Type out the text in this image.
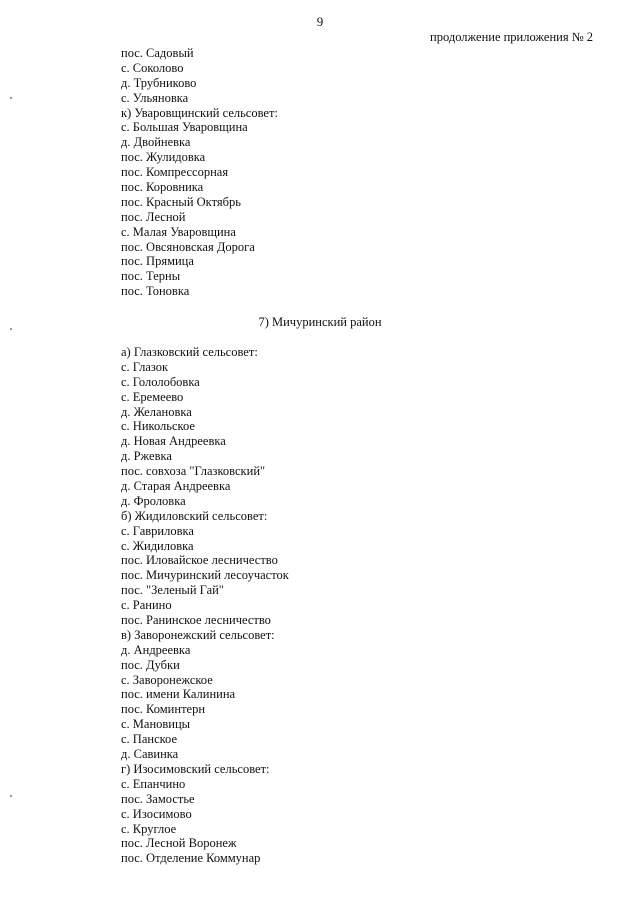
9
продолжение приложения № 2
пос. Садовый
с. Соколово
д. Трубниково
с. Ульяновка
к) Уваровщинский сельсовет:
с. Большая Уваровщина
д. Двойневка
пос. Жулидовка
пос. Компрессорная
пос. Коровника
пос. Красный Октябрь
пос. Лесной
с. Малая Уваровщина
пос. Овсяновская Дорога
пос. Прямица
пос. Терны
пос. Тоновка
7) Мичуринский район
а) Глазковский сельсовет:
с. Глазок
с. Гололобовка
с. Еремеево
д. Желановка
с. Никольское
д. Новая Андреевка
д. Ржевка
пос. совхоза "Глазковский"
д. Старая Андреевка
д. Фроловка
б) Жидиловский сельсовет:
с. Гавриловка
с. Жидиловка
пос. Иловайское лесничество
пос. Мичуринский лесоучасток
пос. "Зеленый Гай"
с. Ранино
пос. Ранинское лесничество
в) Заворонежский сельсовет:
д. Андреевка
пос. Дубки
с. Заворонежское
пос. имени Калинина
пос. Коминтерн
с. Мановицы
с. Панское
д. Савинка
г) Изосимовский сельсовет:
с. Епанчино
пос. Замостье
с. Изосимово
с. Круглое
пос. Лесной Воронеж
пос. Отделение Коммунар
